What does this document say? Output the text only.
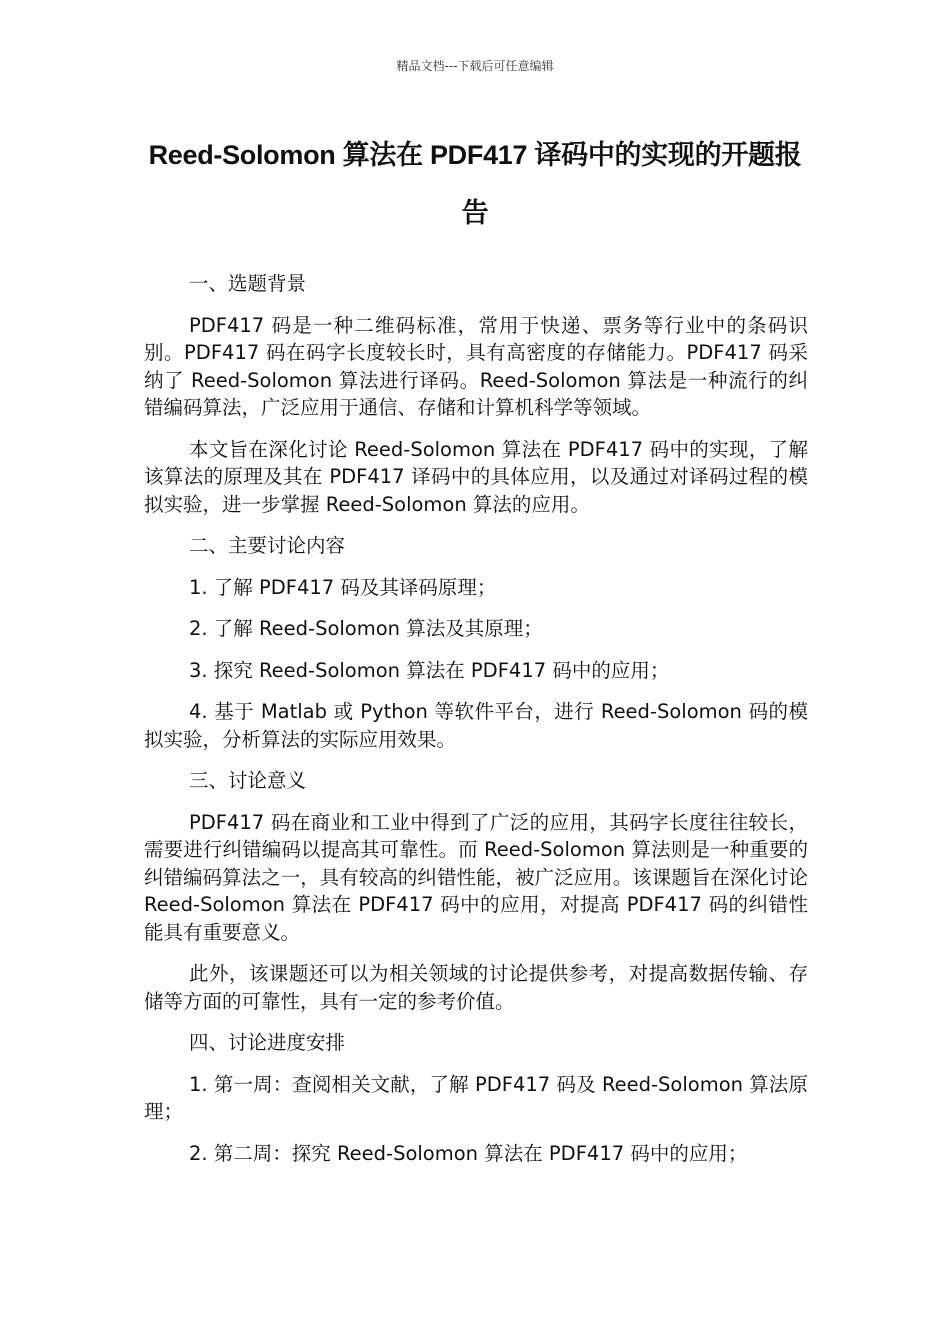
精品文档---下载后可任意编辑
Reed-Solomon 算法在 PDF417 译码中的实现的开题报告

一、选题背景

PDF417 码是一种二维码标准，常用于快递、票务等行业中的条码识别。PDF417 码在码字长度较长时，具有高密度的存储能力。PDF417 码采纳了 Reed-Solomon 算法进行译码。Reed-Solomon 算法是一种流行的纠错编码算法，广泛应用于通信、存储和计算机科学等领域。

本文旨在深化讨论 Reed-Solomon 算法在 PDF417 码中的实现，了解该算法的原理及其在 PDF417 译码中的具体应用，以及通过对译码过程的模拟实验，进一步掌握 Reed-Solomon 算法的应用。

二、主要讨论内容

1. 了解 PDF417 码及其译码原理；

2. 了解 Reed-Solomon 算法及其原理；

3. 探究 Reed-Solomon 算法在 PDF417 码中的应用；

4. 基于 Matlab 或 Python 等软件平台，进行 Reed-Solomon 码的模拟实验，分析算法的实际应用效果。

三、讨论意义

PDF417 码在商业和工业中得到了广泛的应用，其码字长度往往较长，需要进行纠错编码以提高其可靠性。而 Reed-Solomon 算法则是一种重要的纠错编码算法之一，具有较高的纠错性能，被广泛应用。该课题旨在深化讨论 Reed-Solomon 算法在 PDF417 码中的应用，对提高 PDF417 码的纠错性能具有重要意义。

此外，该课题还可以为相关领域的讨论提供参考，对提高数据传输、存储等方面的可靠性，具有一定的参考价值。

四、讨论进度安排

1. 第一周：查阅相关文献，了解 PDF417 码及 Reed-Solomon 算法原理；

2. 第二周：探究 Reed-Solomon 算法在 PDF417 码中的应用；
